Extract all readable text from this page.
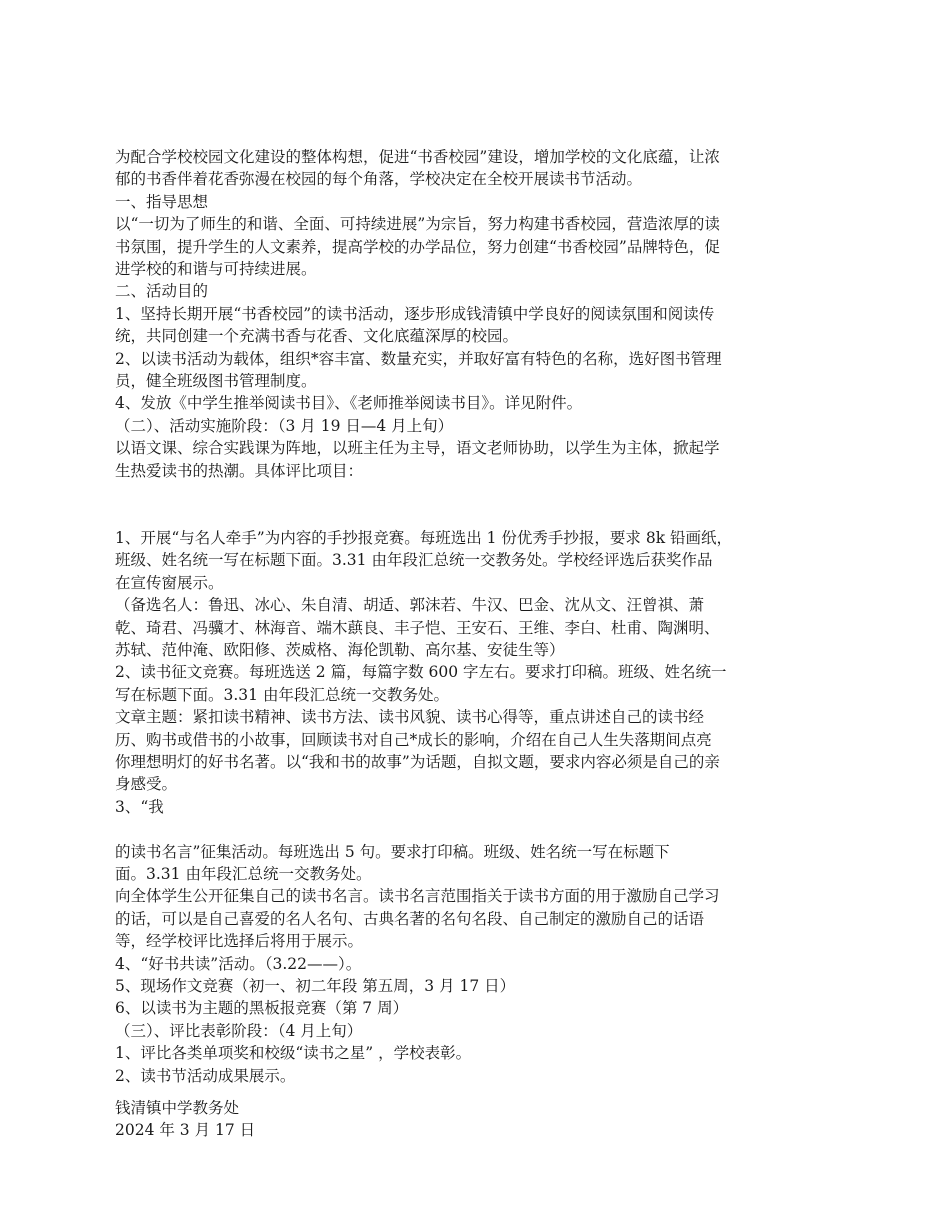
为配合学校校园文化建设的整体构想，促进“书香校园”建设，增加学校的文化底蕴，让浓
郁的书香伴着花香弥漫在校园的每个角落，学校决定在全校开展读书节活动。
一、指导思想
以“一切为了师生的和谐、全面、可持续进展”为宗旨，努力构建书香校园，营造浓厚的读
书氛围，提升学生的人文素养，提高学校的办学品位，努力创建“书香校园”品牌特色，促
进学校的和谐与可持续进展。
二、活动目的
1、坚持长期开展“书香校园”的读书活动，逐步形成钱清镇中学良好的阅读氛围和阅读传
统，共同创建一个充满书香与花香、文化底蕴深厚的校园。
2、以读书活动为载体，组织*容丰富、数量充实，并取好富有特色的名称，选好图书管理
员，健全班级图书管理制度。
4、发放《中学生推举阅读书目》、《老师推举阅读书目》。详见附件。
（二）、活动实施阶段：（3 月 19 日—4 月上旬）
以语文课、综合实践课为阵地，以班主任为主导，语文老师协助，以学生为主体，掀起学
生热爱读书的热潮。具体评比项目：
1、开展“与名人牵手”为内容的手抄报竞赛。每班选出 1 份优秀手抄报，要求 8k 铅画纸，
班级、姓名统一写在标题下面。3.31 由年段汇总统一交教务处。学校经评选后获奖作品
在宣传窗展示。
（备选名人：鲁迅、冰心、朱自清、胡适、郭沫若、牛汉、巴金、沈从文、汪曾祺、萧
乾、琦君、冯骥才、林海音、端木蕻良、丰子恺、王安石、王维、李白、杜甫、陶渊明、
苏轼、范仲淹、欧阳修、茨威格、海伦凯勒、高尔基、安徒生等）
2、读书征文竞赛。每班选送 2 篇，每篇字数 600 字左右。要求打印稿。班级、姓名统一
写在标题下面。3.31 由年段汇总统一交教务处。
文章主题：紧扣读书精神、读书方法、读书风貌、读书心得等，重点讲述自己的读书经
历、购书或借书的小故事，回顾读书对自己*成长的影响，介绍在自己人生失落期间点亮
你理想明灯的好书名著。以“我和书的故事”为话题，自拟文题，要求内容必须是自己的亲
身感受。
3、“我
的读书名言”征集活动。每班选出 5 句。要求打印稿。班级、姓名统一写在标题下
面。3.31 由年段汇总统一交教务处。
向全体学生公开征集自己的读书名言。读书名言范围指关于读书方面的用于激励自己学习
的话，可以是自己喜爱的名人名句、古典名著的名句名段、自己制定的激励自己的话语
等，经学校评比选择后将用于展示。
4、“好书共读”活动。（3.22——）。
5、现场作文竞赛（初一、初二年段 第五周，3 月 17 日）
6、以读书为主题的黑板报竞赛（第 7 周）
（三）、评比表彰阶段：（4 月上旬）
1、评比各类单项奖和校级“读书之星” ，学校表彰。
2、读书节活动成果展示。
钱清镇中学教务处
2024 年 3 月 17 日
